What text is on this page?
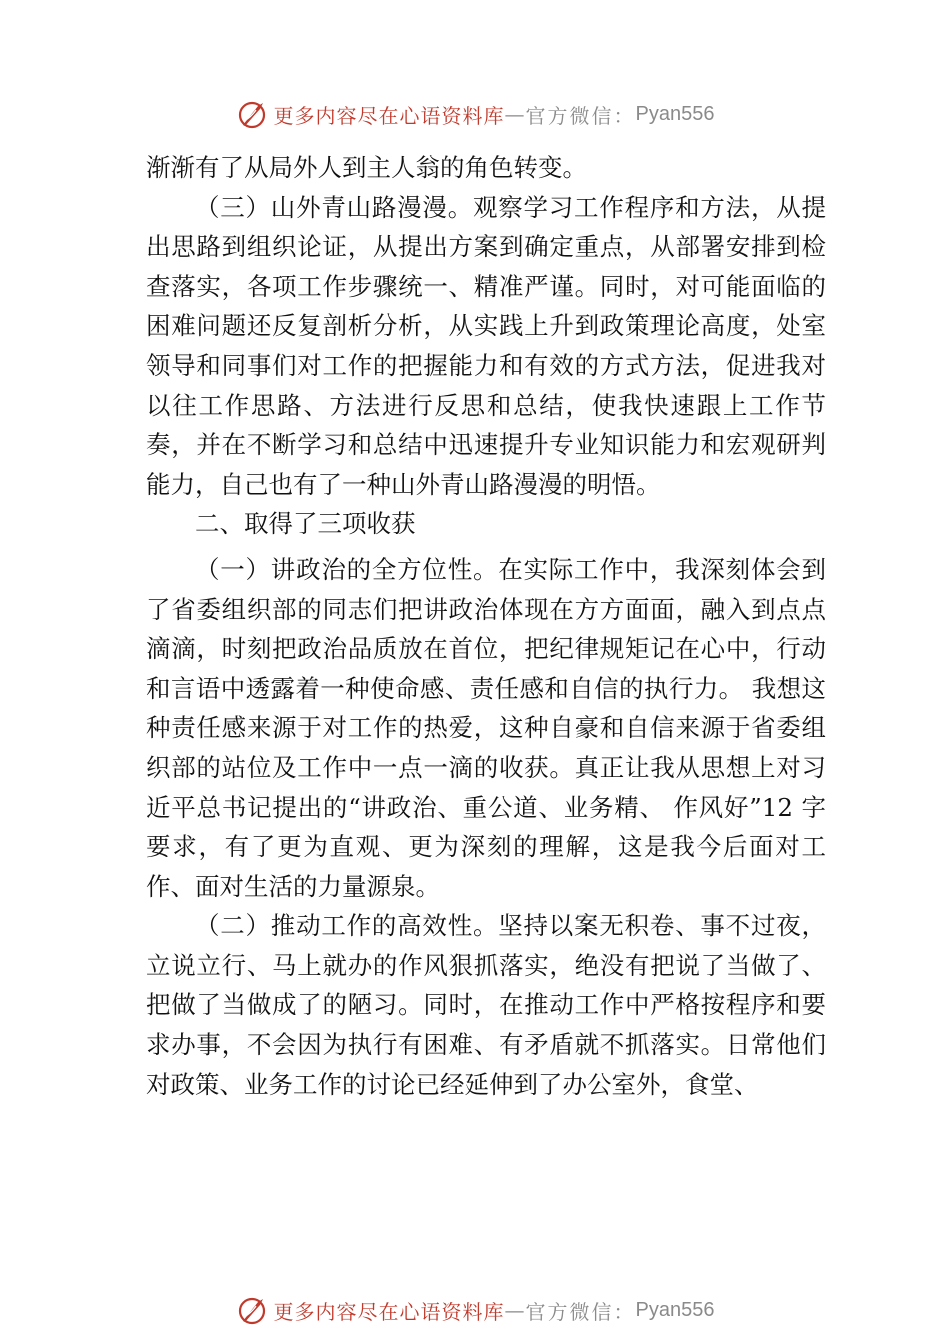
更多内容尽在心语资料库 — 官方微信： Pyan556

渐渐有了从局外人到主人翁的角色转变。

（三）山外青山路漫漫。观察学习工作程序和方法，从提出思路到组织论证，从提出方案到确定重点，从部署安排到检查落实，各项工作步骤统一、精准严谨。同时，对可能面临的困难问题还反复剖析分析，从实践上升到政策理论高度，处室领导和同事们对工作的把握能力和有效的方式方法，促进我对以往工作思路、方法进行反思和总结，使我快速跟上工作节奏，并在不断学习和总结中迅速提升专业知识能力和宏观研判能力，自己也有了一种山外青山路漫漫的明悟。

二、取得了三项收获

（一）讲政治的全方位性。在实际工作中，我深刻体会到了省委组织部的同志们把讲政治体现在方方面面，融入到点点滴滴，时刻把政治品质放在首位，把纪律规矩记在心中，行动和言语中透露着一种使命感、责任感和自信的执行力。 我想这种责任感来源于对工作的热爱，这种自豪和自信来源于省委组织部的站位及工作中一点一滴的收获。真正让我从思想上对习近平总书记提出的“讲政治、重公道、业务精、 作风好”12 字要求，有了更为直观、更为深刻的理解，这是我今后面对工作、面对生活的力量源泉。

（二）推动工作的高效性。坚持以案无积卷、事不过夜，立说立行、马上就办的作风狠抓落实，绝没有把说了当做了、把做了当做成了的陋习。同时，在推动工作中严格按程序和要求办事，不会因为执行有困难、有矛盾就不抓落实。日常他们对政策、业务工作的讨论已经延伸到了办公室外，食堂、

更多内容尽在心语资料库 — 官方微信： Pyan556
